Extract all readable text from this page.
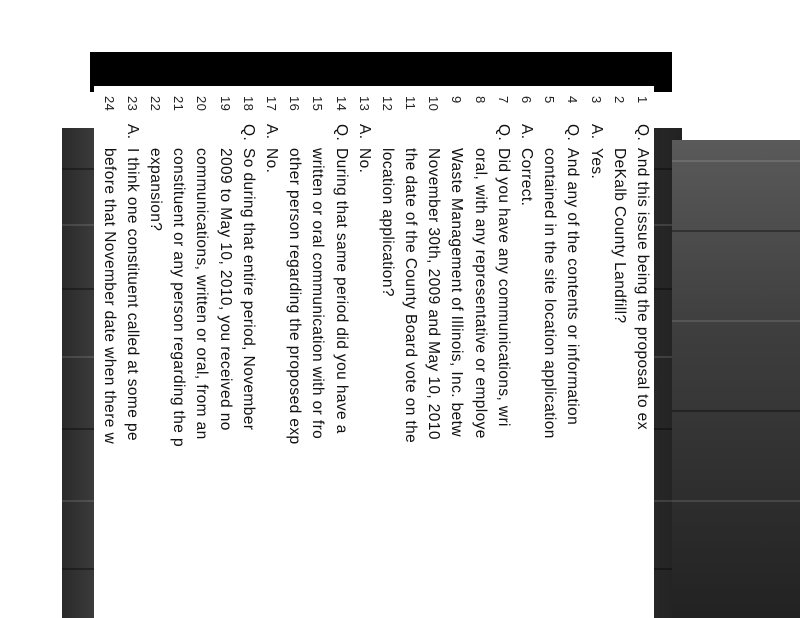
1
Q.
And this issue being the proposal to ex
2
DeKalb County Landfill?
3
A.
Yes.
4
Q.
And any of the contents or information
5
contained in the site location application
6
A.
Correct.
7
Q.
Did you have any communications, wri
8
oral, with any representative or employe
9
Waste Management of Illinois, Inc. betw
10
November 30th, 2009 and May 10, 2010
11
the date of the County Board vote on the
12
location application?
13
A.
No.
14
Q.
During that same period did you have a
15
written or oral communication with or fro
16
other person regarding the proposed exp
17
A.
No.
18
Q.
So during that entire period, November
19
2009 to May 10, 2010, you received no
20
communications, written or oral, from an
21
constituent or any person regarding the p
22
expansion?
23
A.
I think one constituent called at some pe
24
before that November date when there w
